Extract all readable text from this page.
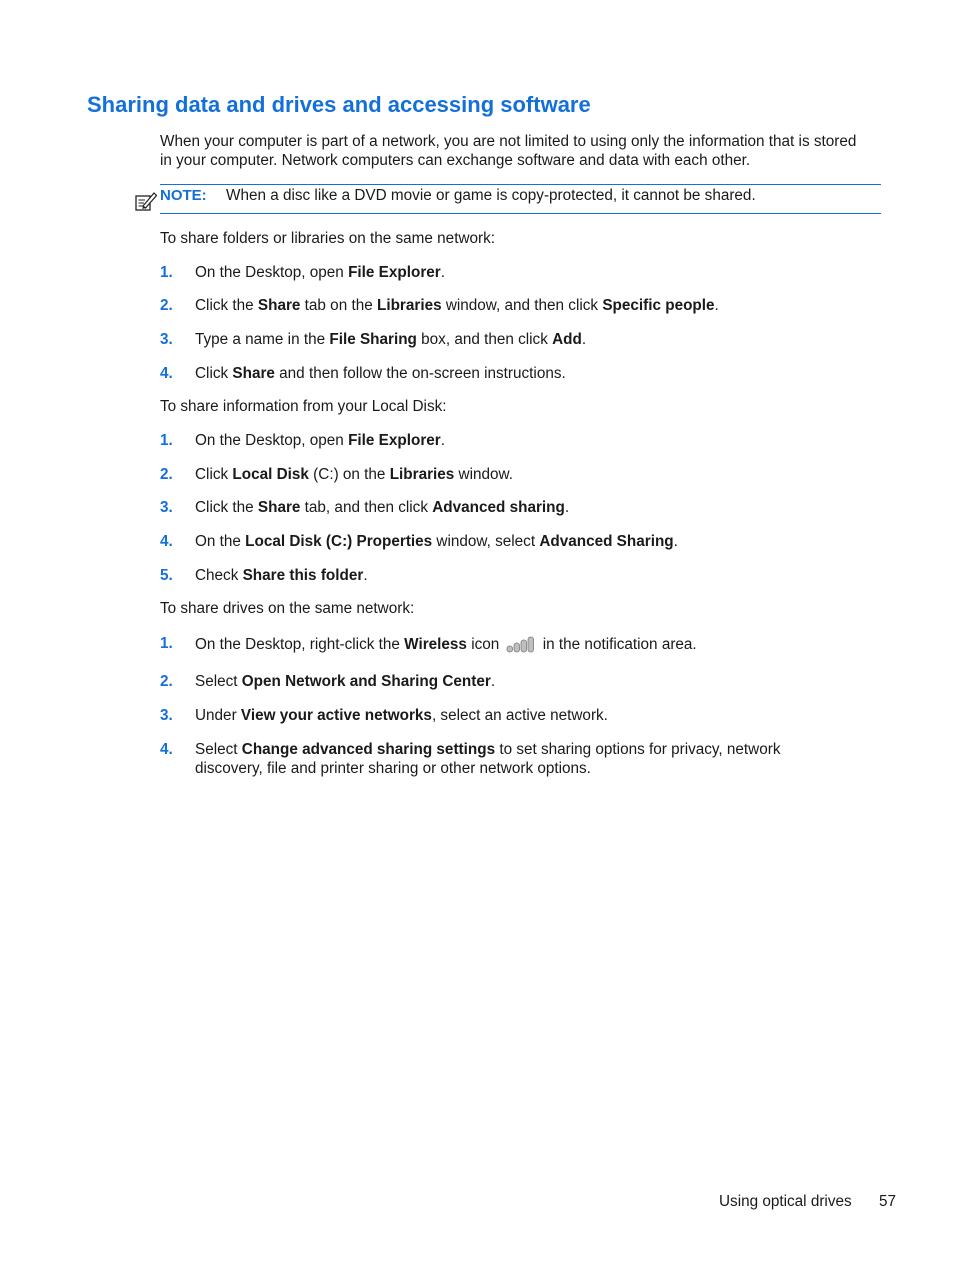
Sharing data and drives and accessing software

When your computer is part of a network, you are not limited to using only the information that is stored in your computer. Network computers can exchange software and data with each other.

NOTE: When a disc like a DVD movie or game is copy-protected, it cannot be shared.

To share folders or libraries on the same network:

1. On the Desktop, open File Explorer.
2. Click the Share tab on the Libraries window, and then click Specific people.
3. Type a name in the File Sharing box, and then click Add.
4. Click Share and then follow the on-screen instructions.

To share information from your Local Disk:

1. On the Desktop, open File Explorer.
2. Click Local Disk (C:) on the Libraries window.
3. Click the Share tab, and then click Advanced sharing.
4. On the Local Disk (C:) Properties window, select Advanced Sharing.
5. Check Share this folder.

To share drives on the same network:

1. On the Desktop, right-click the Wireless icon  in the notification area.
2. Select Open Network and Sharing Center.
3. Under View your active networks, select an active network.
4. Select Change advanced sharing settings to set sharing options for privacy, network discovery, file and printer sharing or other network options.
Using optical drives 57
